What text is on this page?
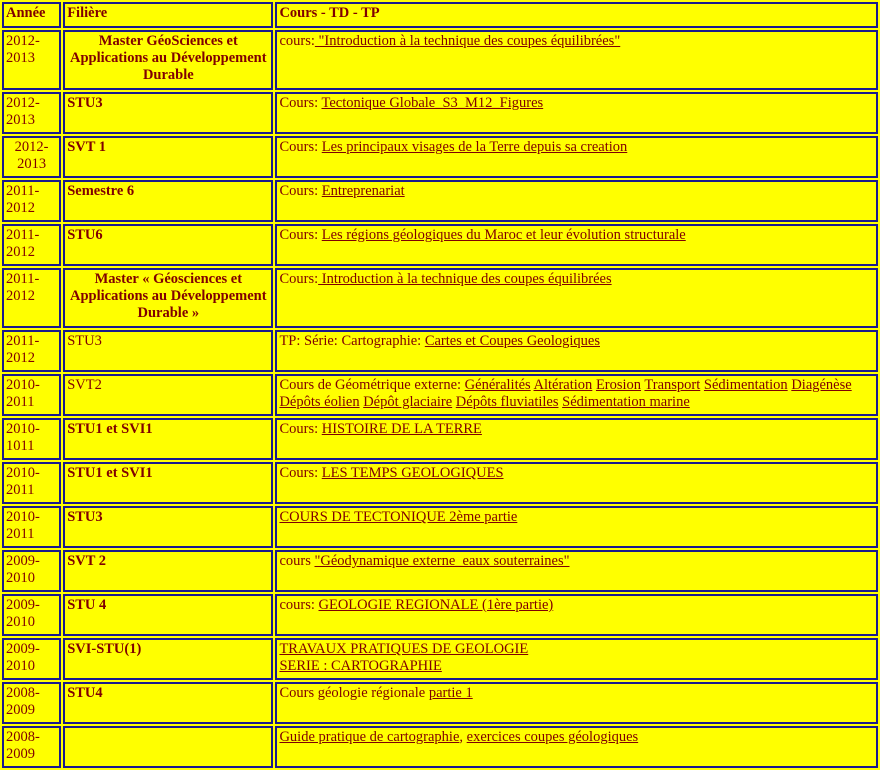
Année	Filière	Cours - TD - TP	
2012-2013	Master GéoSciences et Applications au Développement Durable	cours: "Introduction à la technique des coupes équilibrées"	
2012-2013	STU3	Cours: Tectonique Globale_S3_M12_Figures	
2012-2013	SVT 1	Cours: Les principaux visages de la Terre depuis sa creation	
2011-2012	Semestre 6	Cours: Entreprenariat	
2011-2012	STU6	Cours: Les régions géologiques du Maroc et leur évolution structurale	
2011-2012	Master « Géosciences et Applications au Développement Durable »	Cours: Introduction à la technique des coupes équilibrées	
2011-2012	STU3	TP: Série: Cartographie: Cartes et Coupes Geologiques	
2010-2011	SVT2	Cours de Géométrique externe: Généralités Altération Erosion Transport Sédimentation Diagénèse Dépôts éolien Dépôt glaciaire Dépôts fluviatiles Sédimentation marine	
2010-1011	STU1 et SVI1	Cours: HISTOIRE DE LA TERRE	
2010-2011	STU1 et SVI1	Cours: LES TEMPS GEOLOGIQUES	
2010-2011	STU3	COURS DE TECTONIQUE 2ème partie	
2009-2010	SVT 2	cours "Géodynamique externe_eaux souterraines"	
2009-2010	STU 4	cours: GEOLOGIE REGIONALE (1ère partie)	
2009-2010	SVI-STU(1)	TRAVAUX PRATIQUES DE GEOLOGIE
SERIE : CARTOGRAPHIE	
2008-2009	STU4	Cours géologie régionale partie 1	
2008-2009		Guide pratique de cartographie, exercices coupes géologiques	
